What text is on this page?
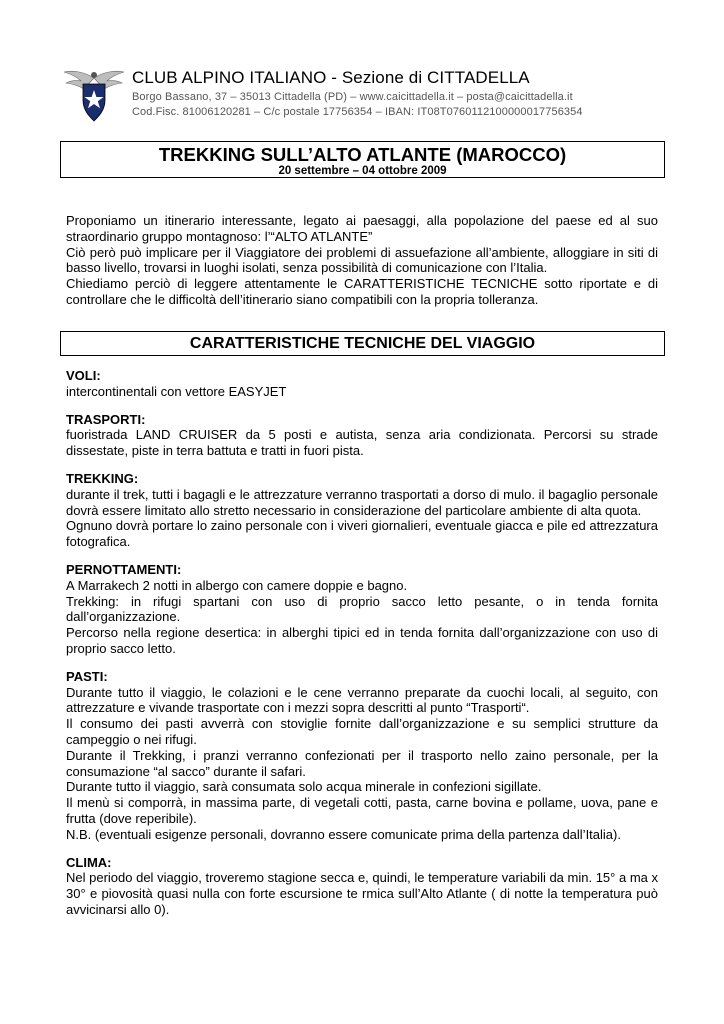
CLUB ALPINO ITALIANO - Sezione di CITTADELLA
Borgo Bassano, 37 – 35013 Cittadella (PD) – www.caicittadella.it – posta@caicittadella.it
Cod.Fisc. 81006120281 – C/c postale 17756354 – IBAN: IT08T0760112100000017756354
TREKKING SULL’ALTO ATLANTE (MAROCCO)
20 settembre – 04 ottobre 2009

Proponiamo un itinerario interessante, legato ai paesaggi, alla popolazione del paese ed al suo straordinario gruppo montagnoso: l’“ALTO ATLANTE”

Ciò però può implicare per il Viaggiatore dei problemi di assuefazione all’ambiente, alloggiare in siti di basso livello, trovarsi in luoghi isolati, senza possibilità di comunicazione con l’Italia.

Chiediamo perciò di leggere attentamente le CARATTERISTICHE TECNICHE sotto riportate e di controllare che le difficoltà dell’itinerario siano compatibili con la propria tolleranza.

CARATTERISTICHE TECNICHE DEL VIAGGIO
VOLI:

intercontinentali con vettore EASYJET

TRASPORTI:

fuoristrada LAND CRUISER da 5 posti e autista, senza aria condizionata. Percorsi su strade dissestate, piste in terra battuta e tratti in fuori pista.

TREKKING:

durante il trek, tutti i bagagli e le attrezzature verranno trasportati a dorso di mulo. il bagaglio personale dovrà essere limitato allo stretto necessario in considerazione del particolare ambiente di alta quota.

Ognuno dovrà portare lo zaino personale con i viveri giornalieri, eventuale giacca e pile ed attrezzatura fotografica.

PERNOTTAMENTI:

A Marrakech 2 notti in albergo con camere doppie e bagno.

Trekking: in rifugi spartani con uso di proprio sacco letto pesante, o in tenda fornita dall’organizzazione.

Percorso nella regione desertica: in alberghi tipici ed in tenda fornita dall’organizzazione con uso di proprio sacco letto.

PASTI:

Durante tutto il viaggio, le colazioni e le cene verranno preparate da cuochi locali, al seguito, con attrezzature e vivande trasportate con i mezzi sopra descritti al punto “Trasporti“.

Il consumo dei pasti avverrà con stoviglie fornite dall’organizzazione e su semplici strutture da campeggio o nei rifugi.

Durante il Trekking, i pranzi verranno confezionati per il trasporto nello zaino personale, per la consumazione “al sacco” durante il safari.

Durante tutto il viaggio, sarà consumata solo acqua minerale in confezioni sigillate.

Il menù si comporrà, in massima parte, di vegetali cotti, pasta, carne bovina e pollame, uova, pane e frutta (dove reperibile).

N.B. (eventuali esigenze personali, dovranno essere comunicate prima della partenza dall’Italia).

CLIMA:

Nel periodo del viaggio, troveremo stagione secca e, quindi, le temperature variabili da min. 15° a ma x 30° e piovosità quasi nulla con forte escursione te rmica sull’Alto Atlante ( di notte la temperatura può avvicinarsi allo 0).
